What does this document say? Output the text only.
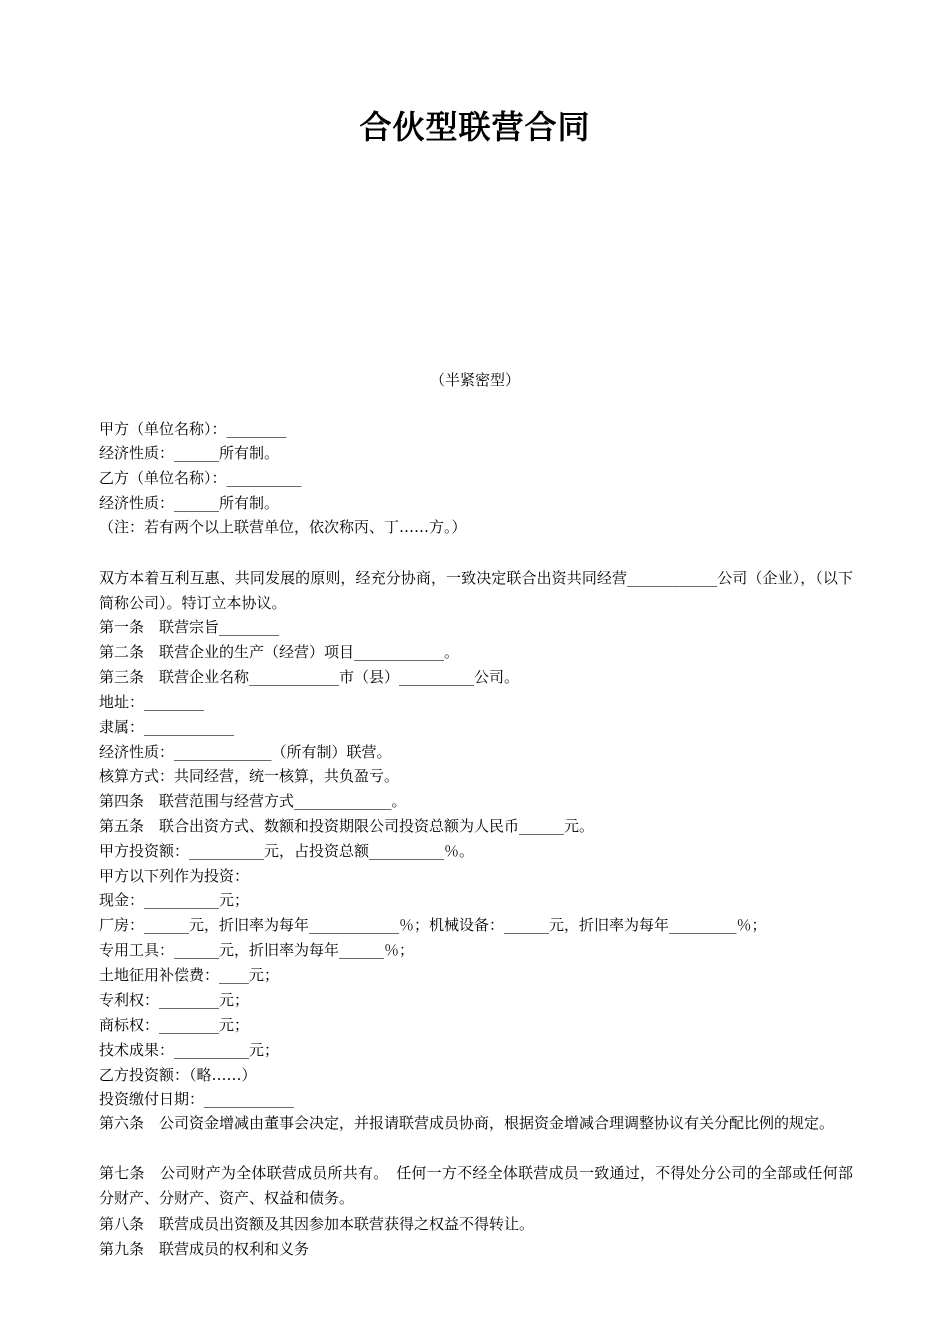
合伙型联营合同
（半紧密型）
甲方（单位名称）：________
经济性质：______所有制。
乙方（单位名称）：__________
经济性质：______所有制。
（注：若有两个以上联营单位，依次称丙、丁……方。）
双方本着互利互惠、共同发展的原则，经充分协商，一致决定联合出资共同经营____________公司（企业），（以下简称公司）。特订立本协议。
第一条　联营宗旨________
第二条　联营企业的生产（经营）项目____________。
第三条　联营企业名称____________市（县）__________公司。
地址：________
隶属：____________
经济性质：_____________（所有制）联营。
核算方式：共同经营，统一核算，共负盈亏。
第四条　联营范围与经营方式_____________。
第五条　联合出资方式、数额和投资期限公司投资总额为人民币______元。
甲方投资额：__________元，占投资总额__________％。
甲方以下列作为投资：
现金：__________元；
厂房：______元，折旧率为每年____________％；机械设备：______元，折旧率为每年_________％；
专用工具：______元，折旧率为每年______％；
土地征用补偿费：____元；
专利权：________元；
商标权：________元；
技术成果：__________元；
乙方投资额：（略……）
投资缴付日期：____________
第六条　公司资金增减由董事会决定，并报请联营成员协商，根据资金增减合理调整协议有关分配比例的规定。
第七条　公司财产为全体联营成员所共有。　任何一方不经全体联营成员一致通过，不得处分公司的全部或任何部分财产、分财产、资产、权益和债务。
第八条　联营成员出资额及其因参加本联营获得之权益不得转让。
第九条　联营成员的权利和义务
